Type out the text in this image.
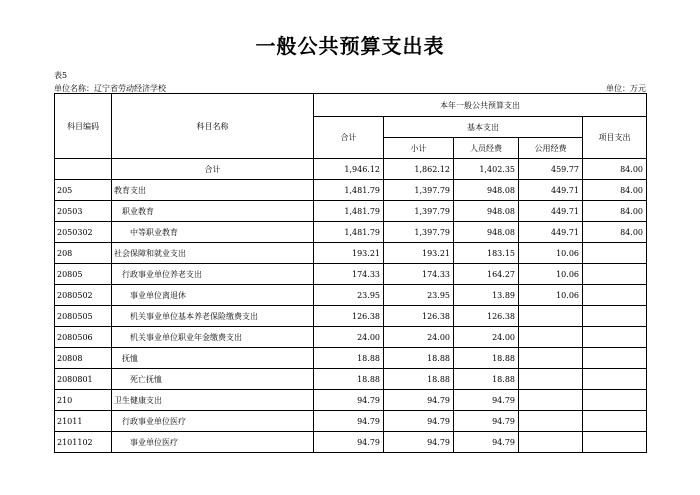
一般公共预算支出表
表5
单位名称：辽宁省劳动经济学校	单位：万元
科目编码	科目名称	本年一般公共预算支出				
		合计	基本支出			项目支出
			小计	人员经费	公用经费	
	合计	1,946.12	1,862.12	1,402.35	459.77	84.00
205	教育支出	1,481.79	1,397.79	948.08	449.71	84.00
20503	职业教育	1,481.79	1,397.79	948.08	449.71	84.00
2050302	中等职业教育	1,481.79	1,397.79	948.08	449.71	84.00
208	社会保障和就业支出	193.21	193.21	183.15	10.06	
20805	行政事业单位养老支出	174.33	174.33	164.27	10.06	
2080502	事业单位离退休	23.95	23.95	13.89	10.06	
2080505	机关事业单位基本养老保险缴费支出	126.38	126.38	126.38		
2080506	机关事业单位职业年金缴费支出	24.00	24.00	24.00		
20808	抚恤	18.88	18.88	18.88		
2080801	死亡抚恤	18.88	18.88	18.88		
210	卫生健康支出	94.79	94.79	94.79		
21011	行政事业单位医疗	94.79	94.79	94.79		
2101102	事业单位医疗	94.79	94.79	94.79		
